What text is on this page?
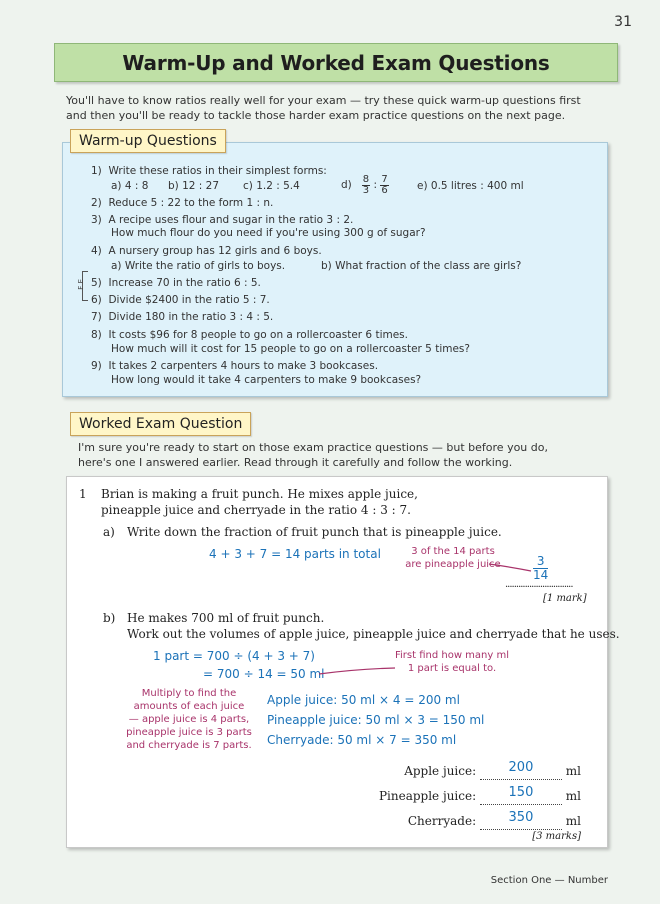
31
Warm-Up and Worked Exam Questions
You'll have to know ratios really well for your exam — try these quick warm-up questions first
and then you'll be ready to tackle those harder exam practice questions on the next page.
Warm-up Questions
1) Write these ratios in their simplest forms:
a) 4 : 8 b) 12 : 27 c) 1.2 : 5.4	$d) \frac{8}{3}$ : $\frac{7}{6}$	e) 0.5 litres : 400 ml
2) Reduce 5 : 22 to the form 1 : n.
3) A recipe uses flour and sugar in the ratio 3 : 2.
How much flour do you need if you're using 300 g of sugar?
4) A nursery group has 12 girls and 6 boys.
a) Write the ratio of girls to boys.	b) What fraction of the class are girls?
5) Increase 70 in the ratio 6 : 5.
6) Divide $2400 in the ratio 5 : 7.
7) Divide 180 in the ratio 3 : 4 : 5.
8) It costs $96 for 8 people to go on a rollercoaster 6 times.
How much will it cost for 15 people to go on a rollercoaster 5 times?
9) It takes 2 carpenters 4 hours to make 3 bookcases.
How long would it take 4 carpenters to make 9 bookcases?
F E
Worked Exam Question
I'm sure you're ready to start on those exam practice questions — but before you do,
here's one I answered earlier. Read through it carefully and follow the working.
1 Brian is making a fruit punch. He mixes apple juice,
pineapple juice and cherryade in the ratio 4 : 3 : 7.
a) Write down the fraction of fruit punch that is pineapple juice.
4 + 3 + 7 = 14 parts in total	3 of the 14 parts
are pineapple juice	3
14
...............................
[1 mark]
b) He makes 700 ml of fruit punch.
Work out the volumes of apple juice, pineapple juice and cherryade that he uses.
1 part = 700 ÷ (4 + 3 + 7)
= 700 ÷ 14 = 50 ml
First find how many ml
1 part is equal to.
Multiply to find the
amounts of each juice
— apple juice is 4 parts,
pineapple juice is 3 parts
and cherryade is 7 parts.
Apple juice: 50 ml × 4 = 200 ml
Pineapple juice: 50 ml × 3 = 150 ml
Cherryade: 50 ml × 7 = 350 ml
Apple juice:	200	ml
Pineapple juice:	150	ml
Cherryade:	350	ml
[3 marks]
Section One — Number
